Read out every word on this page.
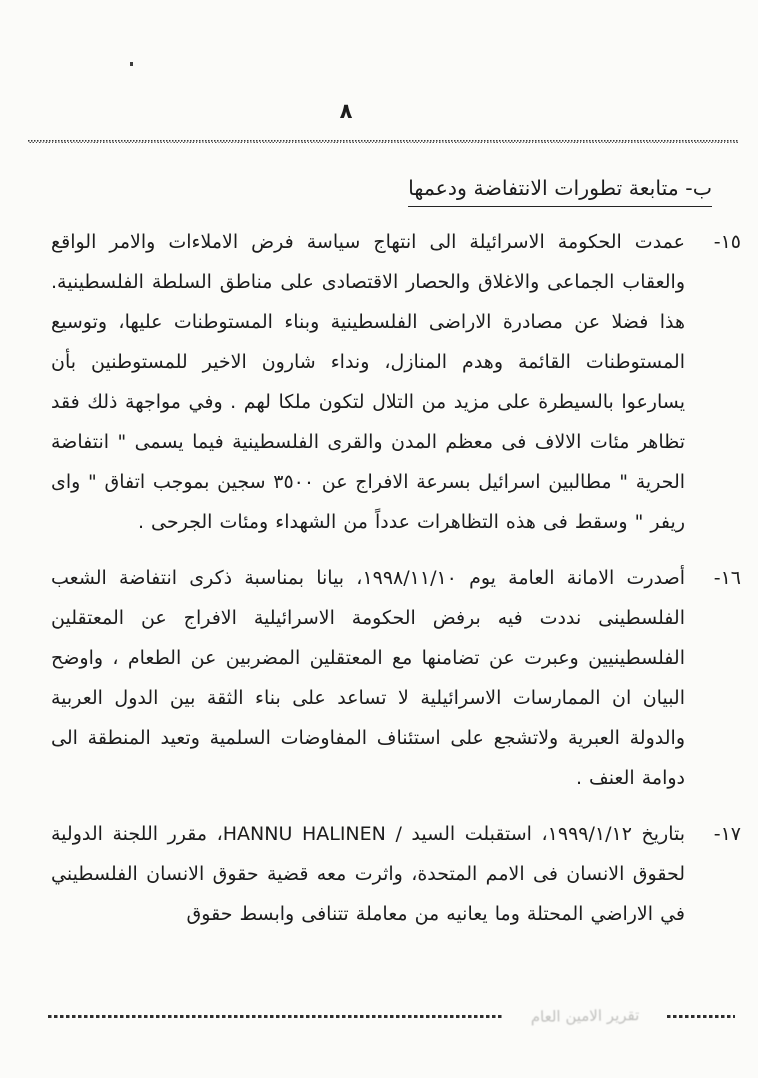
٨
ب- متابعة تطورات الانتفاضة ودعمها
١٥-
عمدت الحكومة الاسرائيلة الى انتهاج سياسة فرض الاملاءات والامر الواقع والعقاب الجماعى والاغلاق والحصار الاقتصادى على مناطق السلطة الفلسطينية. هذا فضلا عن مصادرة الاراضى الفلسطينية وبناء المستوطنات عليها، وتوسيع المستوطنات القائمة وهدم المنازل، ونداء شارون الاخير للمستوطنين بأن يسارعوا بالسيطرة على مزيد من التلال لتكون ملكا لهم . وفي مواجهة ذلك فقد تظاهر مئات الالاف فى معظم المدن والقرى الفلسطينية فيما يسمى " انتفاضة الحرية " مطالبين اسرائيل بسرعة الافراج عن ٣٥٠٠ سجين بموجب اتفاق " واى ريفر " وسقط فى هذه التظاهرات عدداً من الشهداء ومئات الجرحى .
١٦-
أصدرت الامانة العامة يوم ١٩٩٨/١١/١٠، بيانا بمناسبة ذكرى انتفاضة الشعب الفلسطينى نددت فيه برفض الحكومة الاسرائيلية الافراج عن المعتقلين الفلسطينيين وعبرت عن تضامنها مع المعتقلين المضربين عن الطعام ، واوضح البيان ان الممارسات الاسرائيلية لا تساعد على بناء الثقة بين الدول العربية والدولة العبرية ولاتشجع على استئناف المفاوضات السلمية وتعيد المنطقة الى دوامة العنف .
١٧-
بتاريخ ١٩٩٩/١/١٢، استقبلت السيد / HANNU HALINEN، مقرر اللجنة الدولية لحقوق الانسان فى الامم المتحدة، واثرت معه قضية حقوق الانسان الفلسطيني في الاراضي المحتلة وما يعانيه من معاملة تتنافى وابسط حقوق
تقرير الامين العام
